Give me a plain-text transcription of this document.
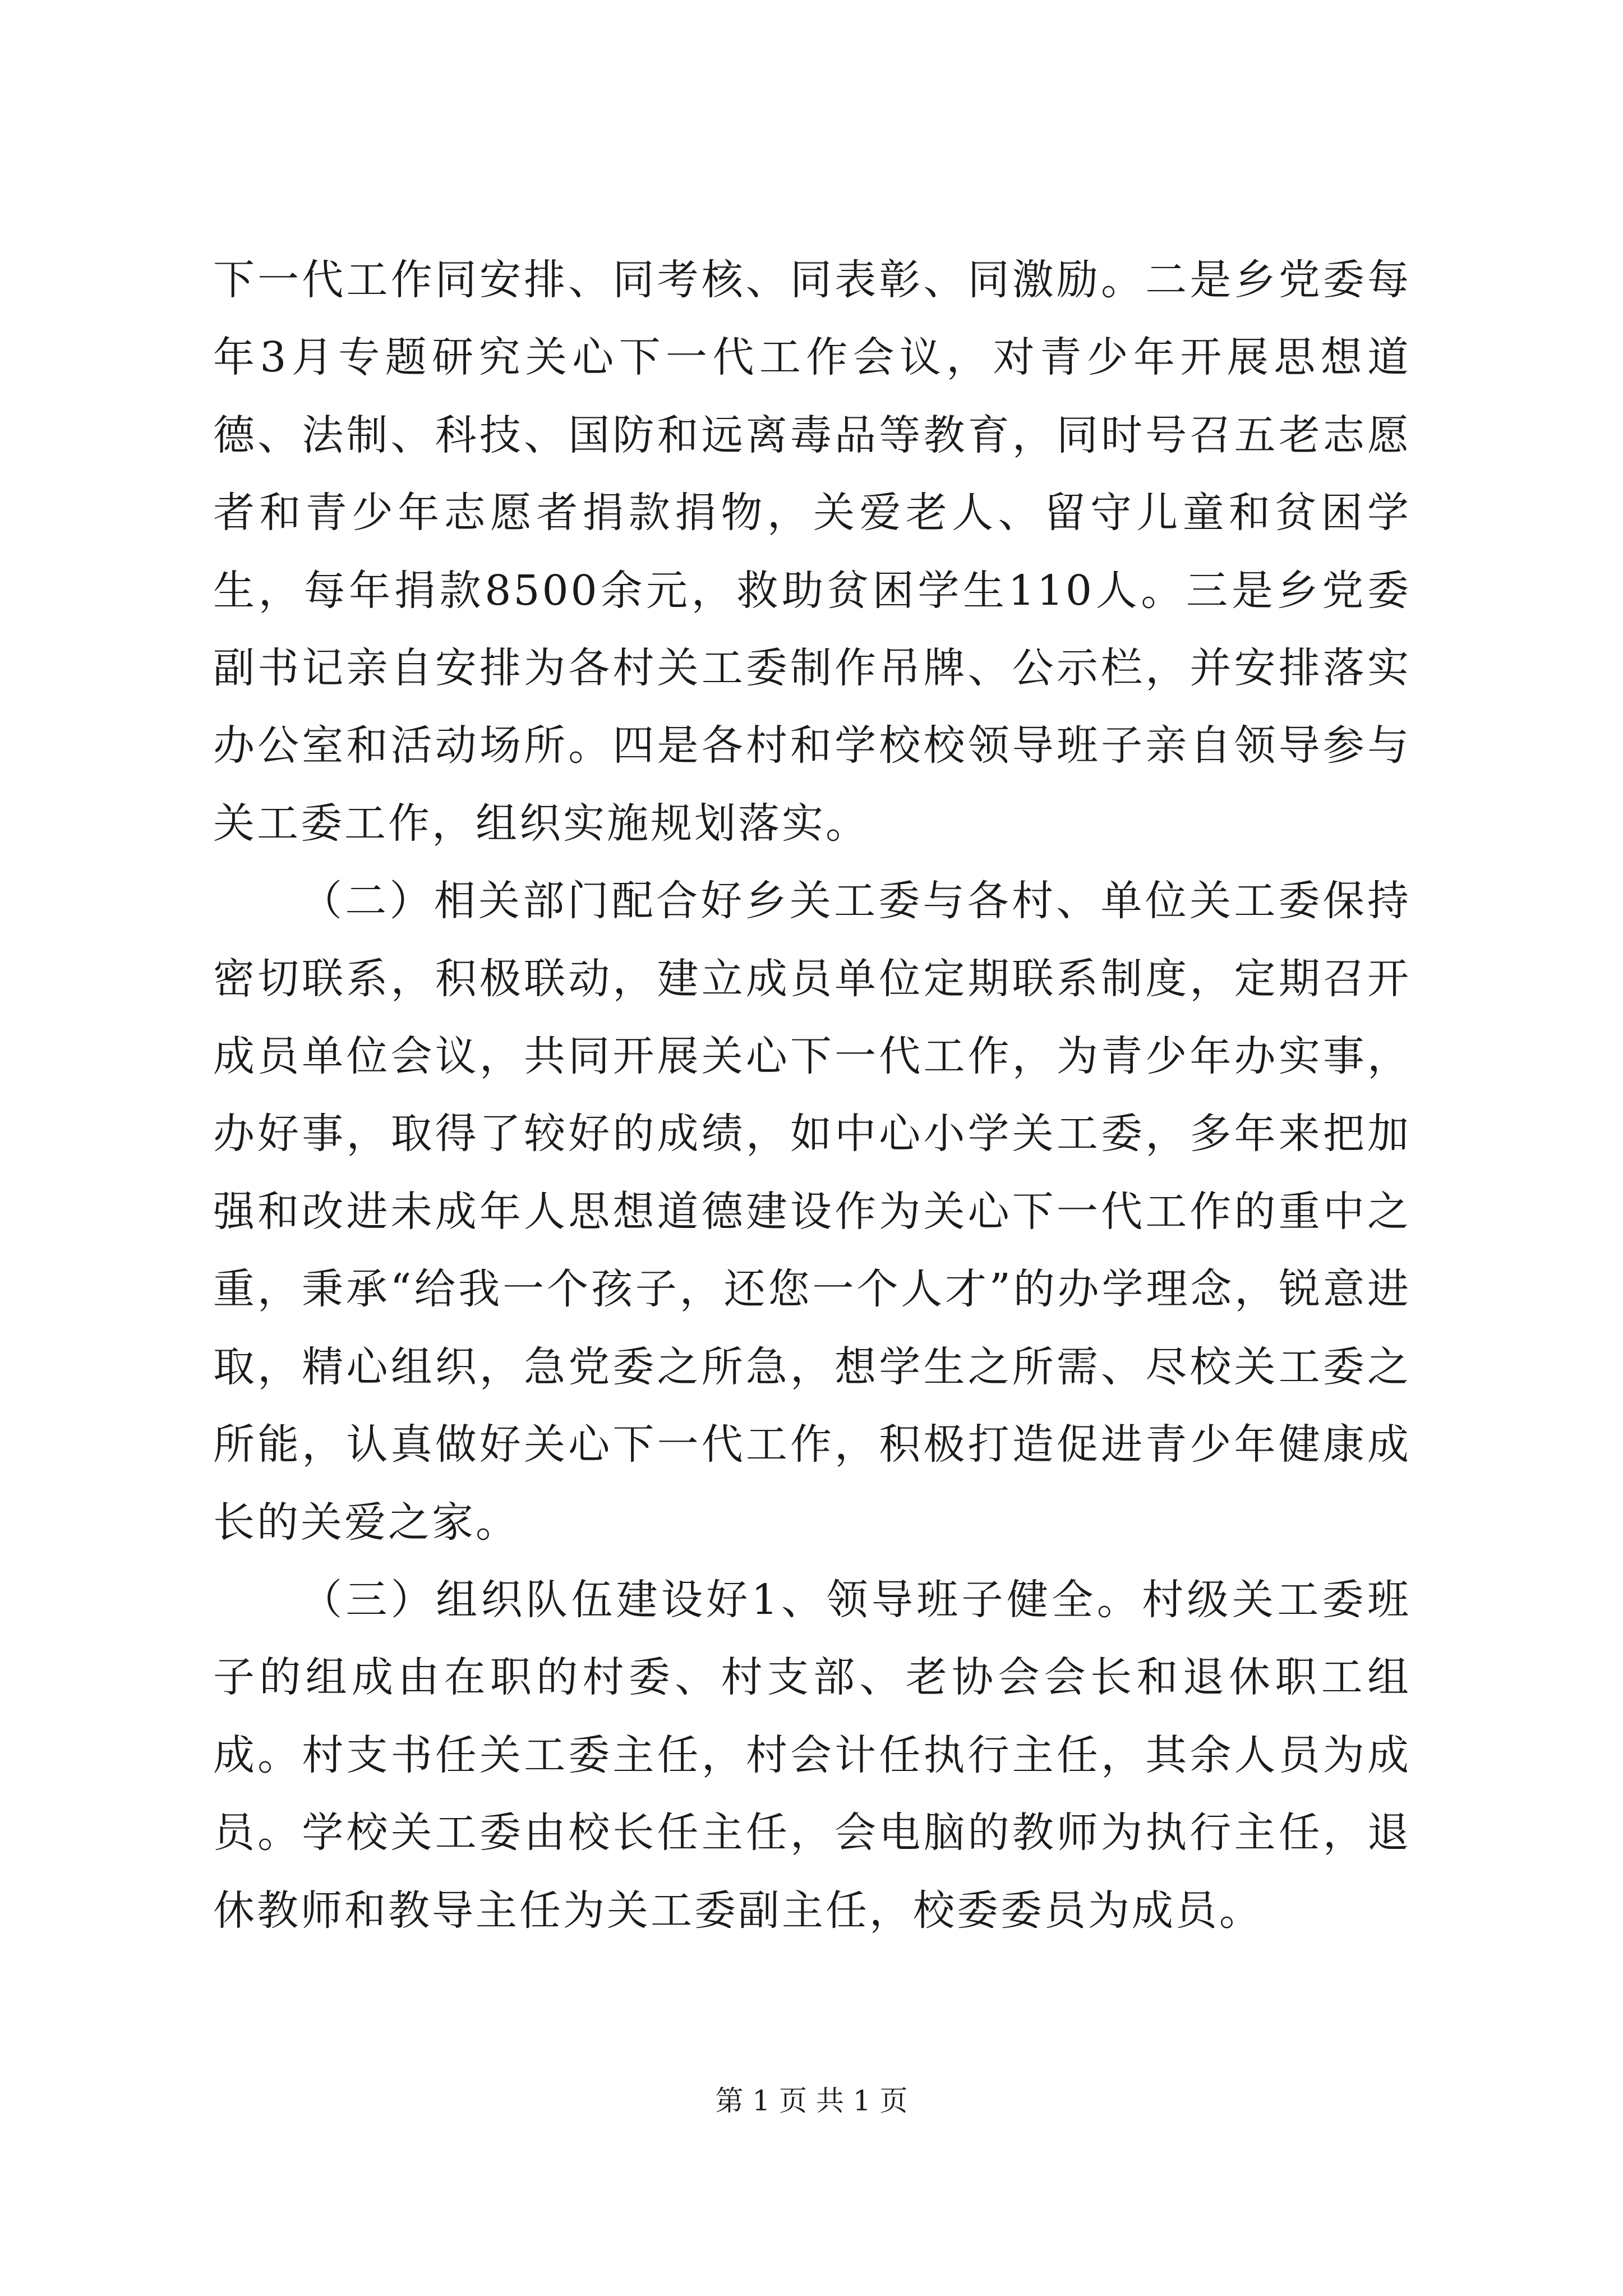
下一代工作同安排、同考核、同表彰、同激励。二是乡党委每年3月专题研究关心下一代工作会议，对青少年开展思想道德、法制、科技、国防和远离毒品等教育，同时号召五老志愿者和青少年志愿者捐款捐物，关爱老人、留守儿童和贫困学生，每年捐款8500余元，救助贫困学生110人。三是乡党委副书记亲自安排为各村关工委制作吊牌、公示栏，并安排落实办公室和活动场所。四是各村和学校校领导班子亲自领导参与关工委工作，组织实施规划落实。

（二）相关部门配合好乡关工委与各村、单位关工委保持密切联系，积极联动，建立成员单位定期联系制度，定期召开成员单位会议，共同开展关心下一代工作，为青少年办实事，办好事，取得了较好的成绩，如中心小学关工委，多年来把加强和改进未成年人思想道德建设作为关心下一代工作的重中之重，秉承“给我一个孩子，还您一个人才”的办学理念，锐意进取，精心组织，急党委之所急，想学生之所需、尽校关工委之所能，认真做好关心下一代工作，积极打造促进青少年健康成长的关爱之家。

（三）组织队伍建设好1、领导班子健全。村级关工委班子的组成由在职的村委、村支部、老协会会长和退休职工组成。村支书任关工委主任，村会计任执行主任，其余人员为成员。学校关工委由校长任主任，会电脑的教师为执行主任，退休教师和教导主任为关工委副主任，校委委员为成员。

第 1 页 共 1 页
